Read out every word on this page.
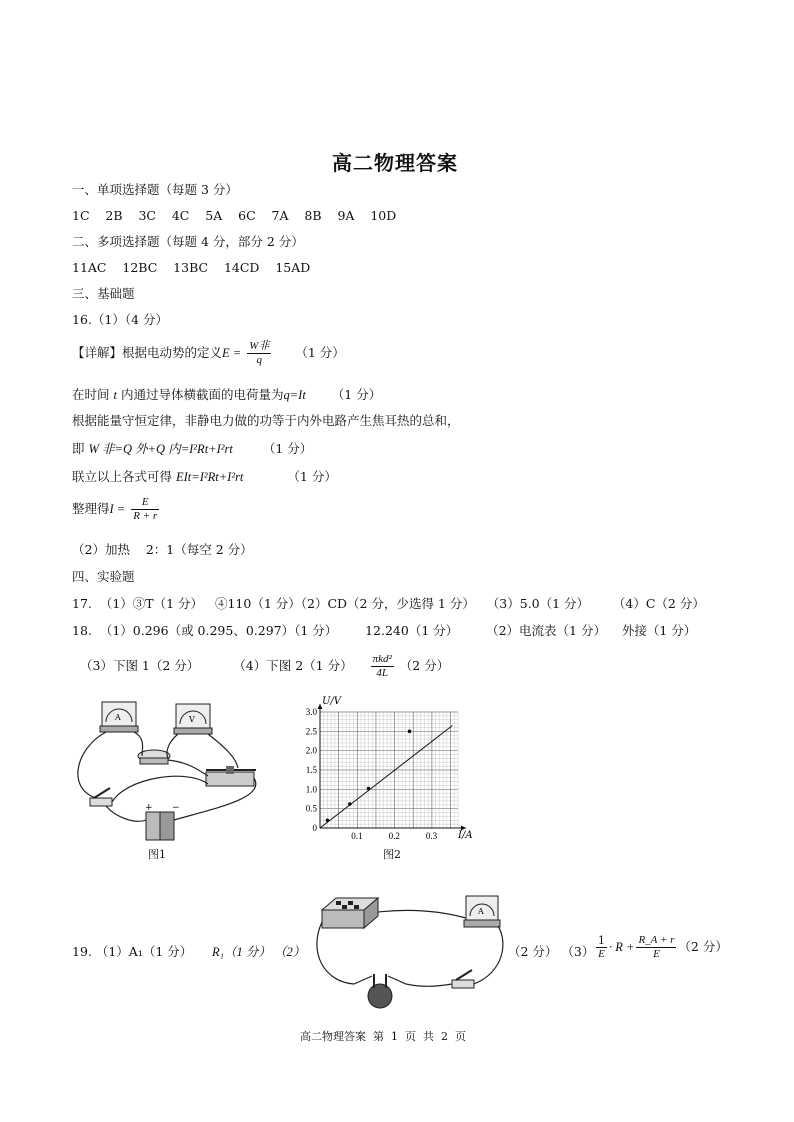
高二物理答案
一、单项选择题（每题 3 分）
1C    2B    3C    4C    5A    6C    7A    8B    9A    10D
二、多项选择题（每题 4 分，部分 2 分）
11AC    12BC    13BC    14CD    15AD
三、基础题
16.（1）（4 分）
【详解】根据电动势的定义$E = \frac{\text{W非}}{q} (1$ 分）
在时间 t 内通过导体横截面的电荷量为q=It （1 分）
根据能量守恒定律，非静电力做的功等于内外电路产生焦耳热的总和，
即 W 非=Q 外+Q 内=I²Rt+I²rt （1 分）
联立以上各式可得 EIt=I²Rt+I²rt	（1 分）
整理得$I = \frac{E}{R + r}$
（2）加热    2：1（每空 2 分）
四、实验题
17.  （1）③T（1 分）   ④110（1 分）（2）CD（2 分，少选得 1 分）   （3）5.0（1 分）      （4）C（2 分）
18.  （1）0.296（或 0.295、0.297）（1 分）       12.240（1 分）       （2）电流表（1 分）    外接（1 分）
（3）下图 1（2 分）	（4）下图 2（1 分） $\frac{\text{πkd²}}{4L} (2$ 分）
A	V
+ −
图1
0.1	0.2	0.3
0
0.5
1.0
1.5
2.0
2.5
3.0
U/V
I/A
图2
19. （1）A₁（1 分） R₁（1 分） （2）
A
（2 分） $(3) \frac{1}{E} \cdot R + \frac{R\_A + r}{E} (2$ 分）
高二物理答案  第  1  页  共  2  页
